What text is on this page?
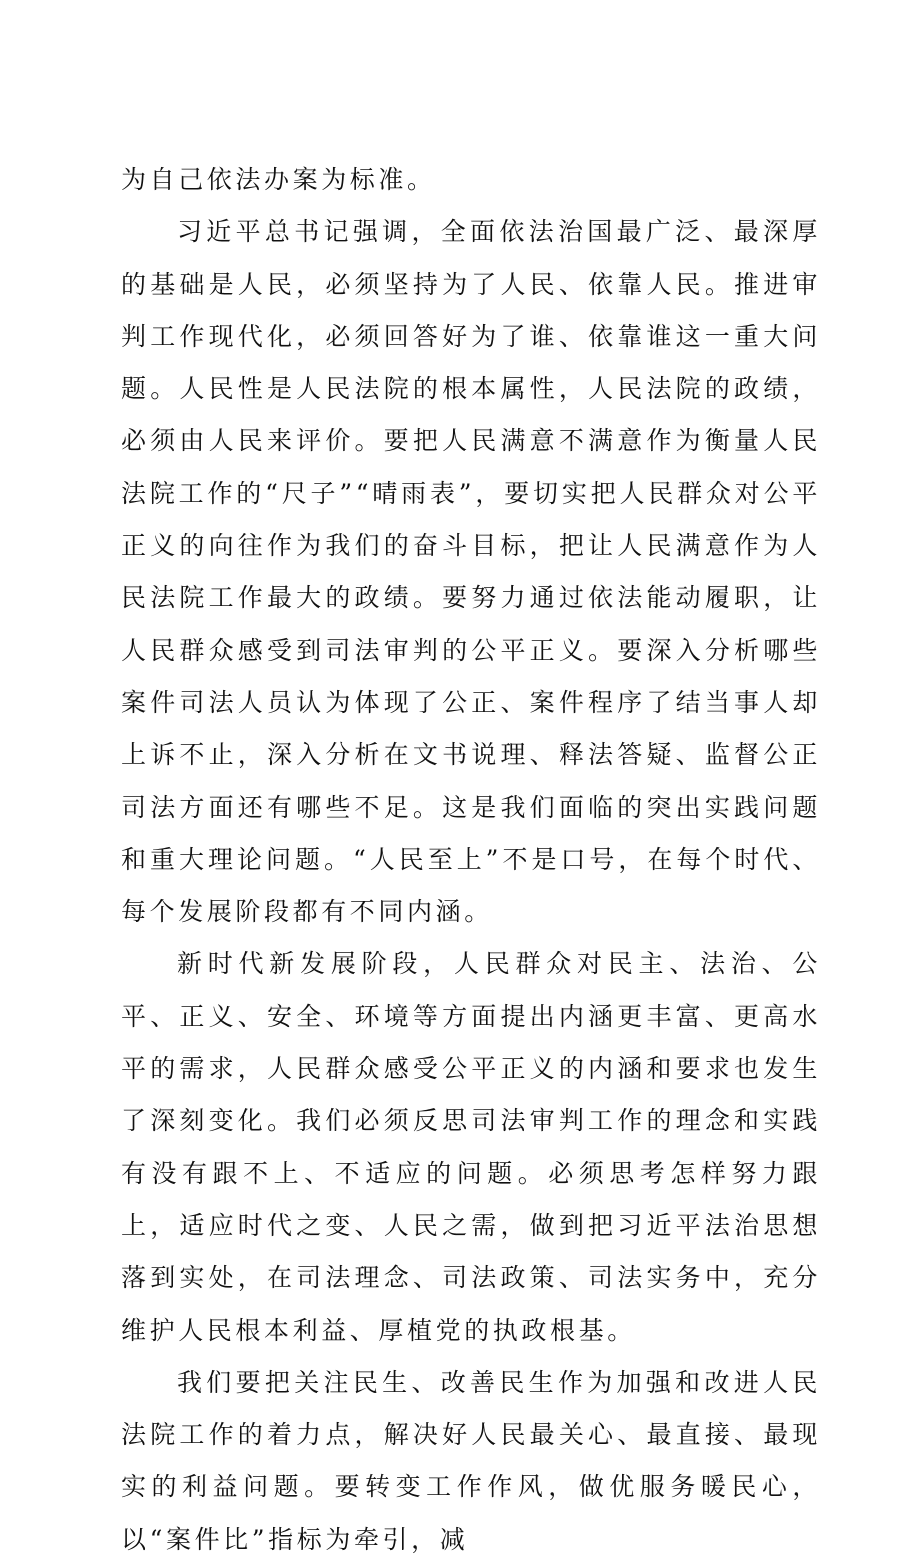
为自己依法办案为标准。

习近平总书记强调，全面依法治国最广泛、最深厚的基础是人民，必须坚持为了人民、依靠人民。推进审判工作现代化，必须回答好为了谁、依靠谁这一重大问题。人民性是人民法院的根本属性，人民法院的政绩，必须由人民来评价。要把人民满意不满意作为衡量人民法院工作的“尺子”“晴雨表”，要切实把人民群众对公平正义的向往作为我们的奋斗目标，把让人民满意作为人民法院工作最大的政绩。要努力通过依法能动履职，让人民群众感受到司法审判的公平正义。要深入分析哪些案件司法人员认为体现了公正、案件程序了结当事人却上诉不止，深入分析在文书说理、释法答疑、监督公正司法方面还有哪些不足。这是我们面临的突出实践问题和重大理论问题。“人民至上”不是口号，在每个时代、每个发展阶段都有不同内涵。

新时代新发展阶段，人民群众对民主、法治、公平、正义、安全、环境等方面提出内涵更丰富、更高水平的需求，人民群众感受公平正义的内涵和要求也发生了深刻变化。我们必须反思司法审判工作的理念和实践有没有跟不上、不适应的问题。必须思考怎样努力跟上，适应时代之变、人民之需，做到把习近平法治思想落到实处，在司法理念、司法政策、司法实务中，充分维护人民根本利益、厚植党的执政根基。

我们要把关注民生、改善民生作为加强和改进人民法院工作的着力点，解决好人民最关心、最直接、最现实的利益问题。要转变工作作风，做优服务暖民心，以“案件比”指标为牵引，减
